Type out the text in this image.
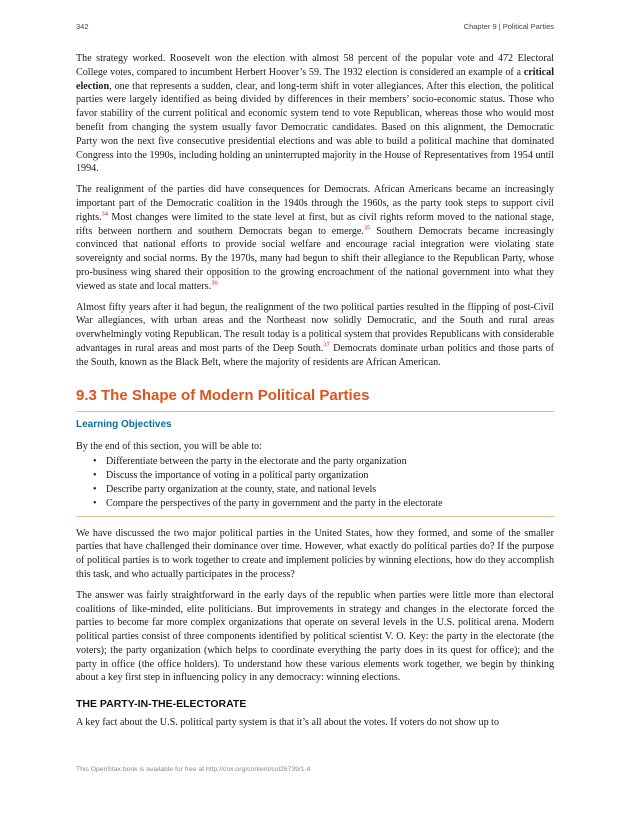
342	Chapter 9 | Political Parties

The strategy worked. Roosevelt won the election with almost 58 percent of the popular vote and 472 Electoral College votes, compared to incumbent Herbert Hoover’s 59. The 1932 election is considered an example of a critical election, one that represents a sudden, clear, and long-term shift in voter allegiances. After this election, the political parties were largely identified as being divided by differences in their members’ socio-economic status. Those who favor stability of the current political and economic system tend to vote Republican, whereas those who would most benefit from changing the system usually favor Democratic candidates. Based on this alignment, the Democratic Party won the next five consecutive presidential elections and was able to build a political machine that dominated Congress into the 1990s, including holding an uninterrupted majority in the House of Representatives from 1954 until 1994.

The realignment of the parties did have consequences for Democrats. African Americans became an increasingly important part of the Democratic coalition in the 1940s through the 1960s, as the party took steps to support civil rights.$^{34}$ Most changes were limited to the state level at first, but as civil rights reform moved to the national stage, rifts between northern and southern Democrats began to emerge.$^{35}$ Southern Democrats became increasingly convinced that national efforts to provide social welfare and encourage racial integration were violating state sovereignty and social norms. By the 1970s, many had begun to shift their allegiance to the Republican Party, whose pro-business wing shared their opposition to the growing encroachment of the national government into what they viewed as state and local matters.$^{36}$

Almost fifty years after it had begun, the realignment of the two political parties resulted in the flipping of post-Civil War allegiances, with urban areas and the Northeast now solidly Democratic, and the South and rural areas overwhelmingly voting Republican. The result today is a political system that provides Republicans with considerable advantages in rural areas and most parts of the Deep South.$^{37}$ Democrats dominate urban politics and those parts of the South, known as the Black Belt, where the majority of residents are African American.

9.3 The Shape of Modern Political Parties
Learning Objectives

By the end of this section, you will be able to:

• Differentiate between the party in the electorate and the party organization
• Discuss the importance of voting in a political party organization
• Describe party organization at the county, state, and national levels
• Compare the perspectives of the party in government and the party in the electorate

We have discussed the two major political parties in the United States, how they formed, and some of the smaller parties that have challenged their dominance over time. However, what exactly do political parties do? If the purpose of political parties is to work together to create and implement policies by winning elections, how do they accomplish this task, and who actually participates in the process?

The answer was fairly straightforward in the early days of the republic when parties were little more than electoral coalitions of like-minded, elite politicians. But improvements in strategy and changes in the electorate forced the parties to become far more complex organizations that operate on several levels in the U.S. political arena. Modern political parties consist of three components identified by political scientist V. O. Key: the party in the electorate (the voters); the party organization (which helps to coordinate everything the party does in its quest for office); and the party in office (the office holders). To understand how these various elements work together, we begin by thinking about a key first step in influencing policy in any democracy: winning elections.

THE PARTY-IN-THE-ELECTORATE

A key fact about the U.S. political party system is that it’s all about the votes. If voters do not show up to

This OpenStax book is available for free at http://cnx.org/content/col26739/1.4
